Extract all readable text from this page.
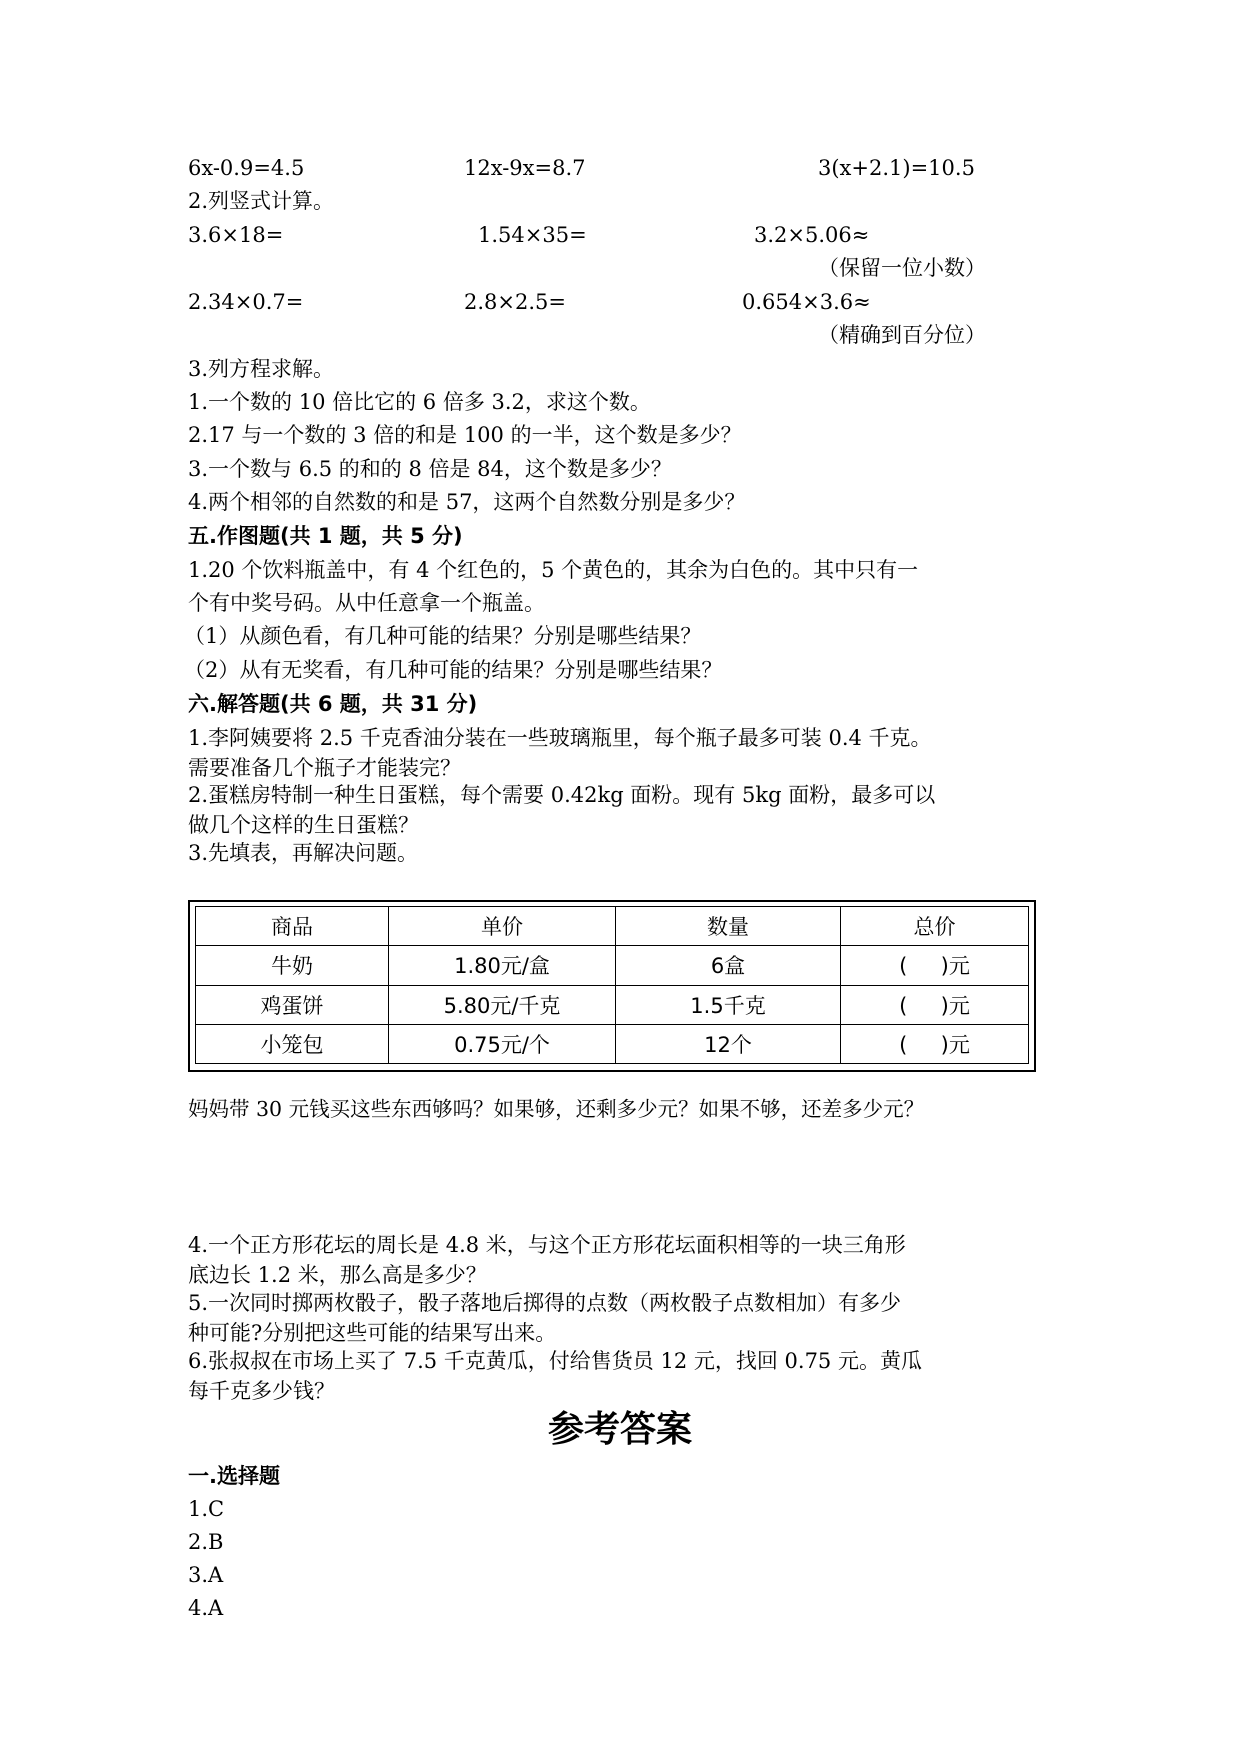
6x-0.9=4.5	12x-9x=8.7	3(x+2.1)=10.5
2.列竖式计算。
3.6×18=	1.54×35=	3.2×5.06≈
（保留一位小数）
2.34×0.7=	2.8×2.5=	0.654×3.6≈
（精确到百分位）
3.列方程求解。
1.一个数的 10 倍比它的 6 倍多 3.2，求这个数。
2.17 与一个数的 3 倍的和是 100 的一半，这个数是多少？
3.一个数与 6.5 的和的 8 倍是 84，这个数是多少？
4.两个相邻的自然数的和是 57，这两个自然数分别是多少？
五.作图题(共 1 题，共 5 分)
1.20 个饮料瓶盖中，有 4 个红色的，5 个黄色的，其余为白色的。其中只有一
个有中奖号码。从中任意拿一个瓶盖。
（1）从颜色看，有几种可能的结果？分别是哪些结果？
（2）从有无奖看，有几种可能的结果？分别是哪些结果？
六.解答题(共 6 题，共 31 分)
1.李阿姨要将 2.5 千克香油分装在一些玻璃瓶里，每个瓶子最多可装 0.4 千克。
需要准备几个瓶子才能装完？
2.蛋糕房特制一种生日蛋糕，每个需要 0.42kg 面粉。现有 5kg 面粉，最多可以
做几个这样的生日蛋糕？
3.先填表，再解决问题。
商品	单价	数量	总价
牛奶	1.80元/盒	6盒	(     )元
鸡蛋饼	5.80元/千克	1.5千克	(     )元
小笼包	0.75元/个	12个	(     )元
妈妈带 30 元钱买这些东西够吗？如果够，还剩多少元？如果不够，还差多少元？
4.一个正方形花坛的周长是 4.8 米，与这个正方形花坛面积相等的一块三角形
底边长 1.2 米，那么高是多少？
5.一次同时掷两枚骰子，骰子落地后掷得的点数（两枚骰子点数相加）有多少
种可能?分别把这些可能的结果写出来。
6.张叔叔在市场上买了 7.5 千克黄瓜，付给售货员 12 元，找回 0.75 元。黄瓜
每千克多少钱？
参考答案
一.选择题
1.C
2.B
3.A
4.A
